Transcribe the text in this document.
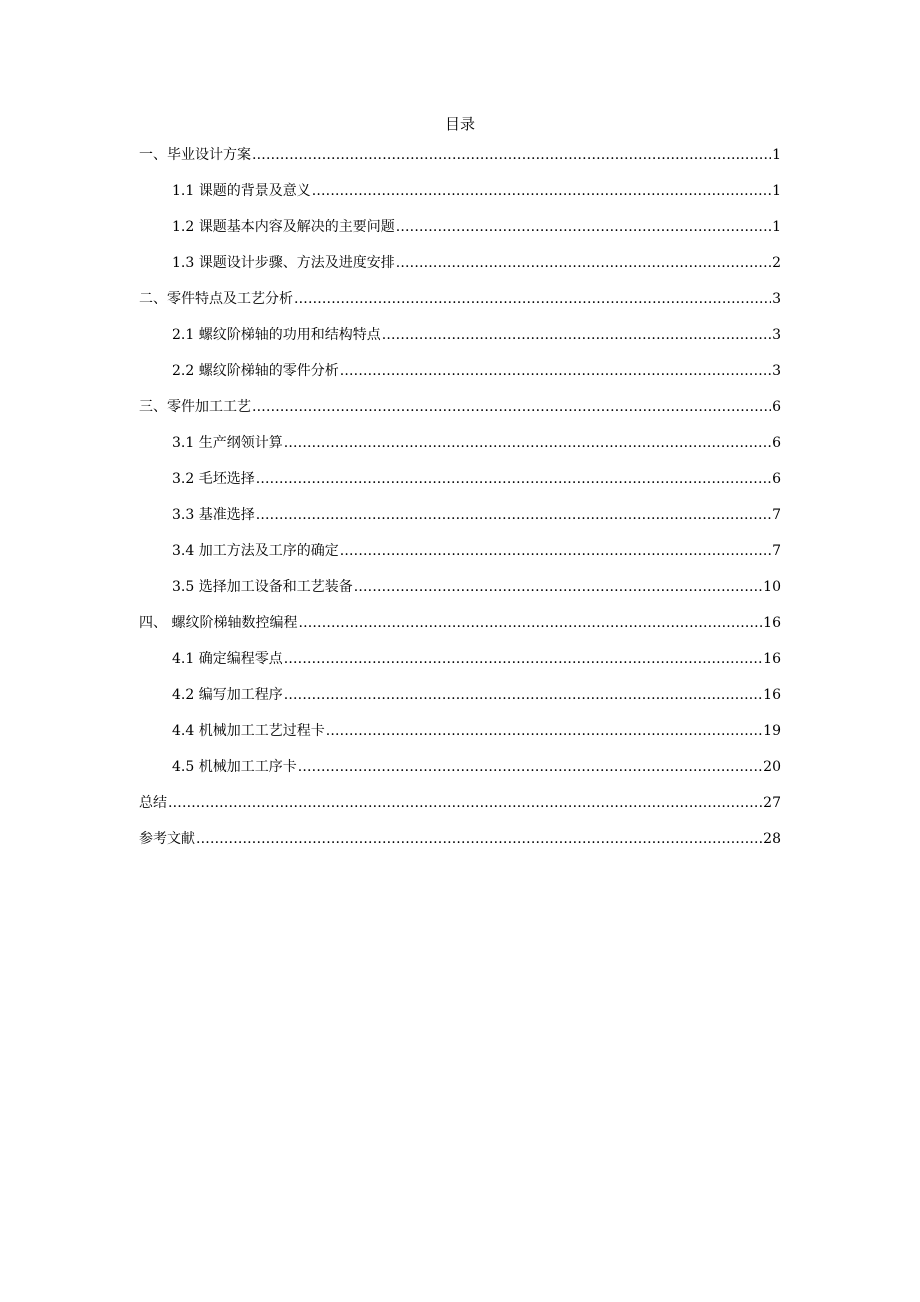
目录
一、毕业设计方案 .....	1
1.1 课题的背景及意义 .....	1
1.2 课题基本内容及解决的主要问题 .....	1
1.3 课题设计步骤、方法及进度安排 .....	2
二、零件特点及工艺分析 .....	3
2.1 螺纹阶梯轴的功用和结构特点 .....	3
2.2 螺纹阶梯轴的零件分析 .....	3
三、零件加工工艺 .....	6
3.1 生产纲领计算 .....	6
3.2 毛坯选择 .....	6
3.3 基准选择 .....	7
3.4 加工方法及工序的确定 .....	7
3.5 选择加工设备和工艺装备 .....	10
四、 螺纹阶梯轴数控编程 .....	16
4.1 确定编程零点 .....	16
4.2 编写加工程序 .....	16
4.4 机械加工工艺过程卡 .....	19
4.5 机械加工工序卡 .....	20
总结 .....	27
参考文献 .....	28
